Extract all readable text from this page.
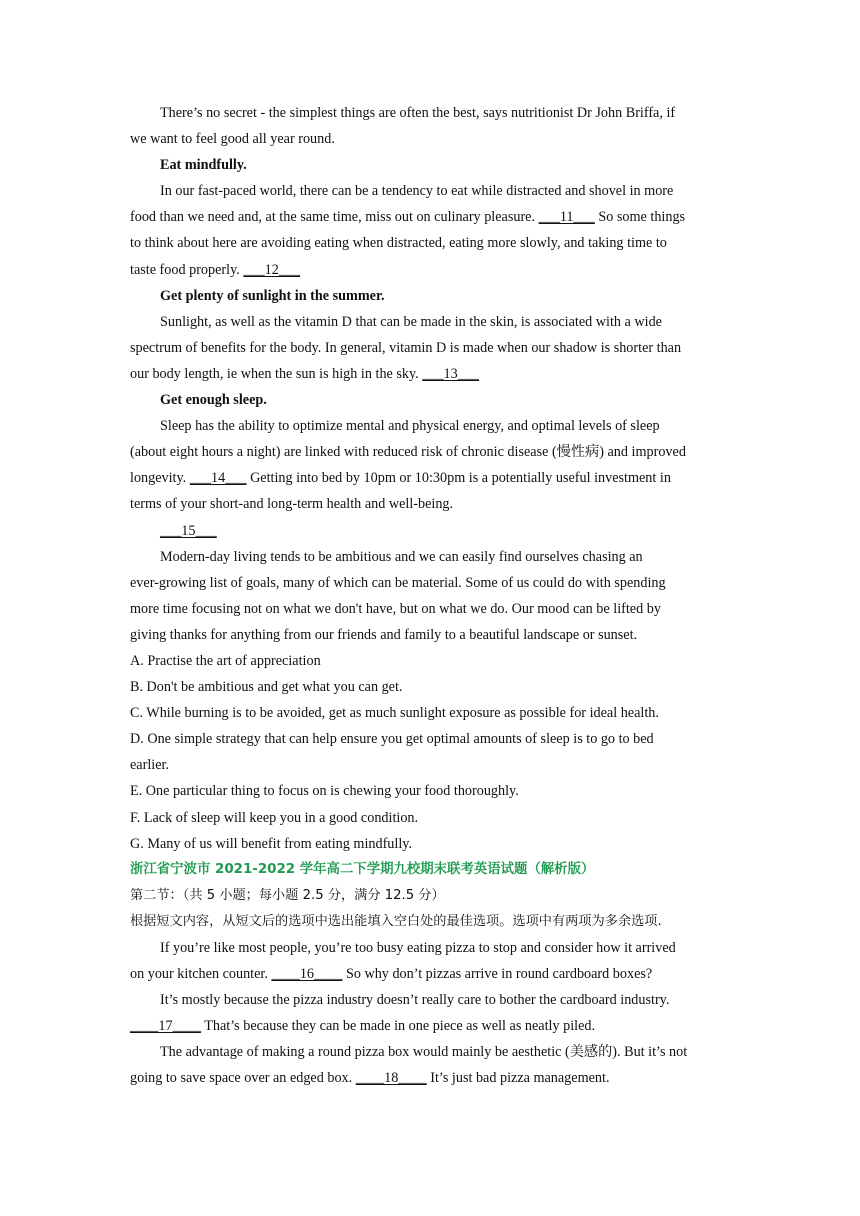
There’s no secret - the simplest things are often the best, says nutritionist Dr John Briffa, if
we want to feel good all year round.
Eat mindfully.
In our fast-paced world, there can be a tendency to eat while distracted and shovel in more
food than we need and, at the same time, miss out on culinary pleasure. ___11___ So some things
to think about here are avoiding eating when distracted, eating more slowly, and taking time to
taste food properly. ___12___
Get plenty of sunlight in the summer.
Sunlight, as well as the vitamin D that can be made in the skin, is associated with a wide
spectrum of benefits for the body. In general, vitamin D is made when our shadow is shorter than
our body length, ie when the sun is high in the sky. ___13___
Get enough sleep.
Sleep has the ability to optimize mental and physical energy, and optimal levels of sleep
(about eight hours a night) are linked with reduced risk of chronic disease (慢性病) and improved
longevity. ___14___ Getting into bed by 10pm or 10:30pm is a potentially useful investment in
terms of your short-and long-term health and well-being.
___15___
Modern-day living tends to be ambitious and we can easily find ourselves chasing an
ever-growing list of goals, many of which can be material. Some of us could do with spending
more time focusing not on what we don't have, but on what we do. Our mood can be lifted by
giving thanks for anything from our friends and family to a beautiful landscape or sunset.
A. Practise the art of appreciation
B. Don't be ambitious and get what you can get.
C. While burning is to be avoided, get as much sunlight exposure as possible for ideal health.
D. One simple strategy that can help ensure you get optimal amounts of sleep is to go to bed
earlier.
E. One particular thing to focus on is chewing your food thoroughly.
F. Lack of sleep will keep you in a good condition.
G. Many of us will benefit from eating mindfully.
浙江省宁波市 2021-2022 学年高二下学期九校期末联考英语试题（解析版）
第二节：（共 5 小题；每小题 2.5 分，满分 12.5 分）
根据短文内容，从短文后的选项中选出能填入空白处的最佳选项。选项中有两项为多余选项.
If you’re like most people, you’re too busy eating pizza to stop and consider how it arrived
on your kitchen counter. ____16____ So why don’t pizzas arrive in round cardboard boxes?
It’s mostly because the pizza industry doesn’t really care to bother the cardboard industry.
____17____ That’s because they can be made in one piece as well as neatly piled.
The advantage of making a round pizza box would mainly be aesthetic (美感的). But it’s not
going to save space over an edged box. ____18____ It’s just bad pizza management.
